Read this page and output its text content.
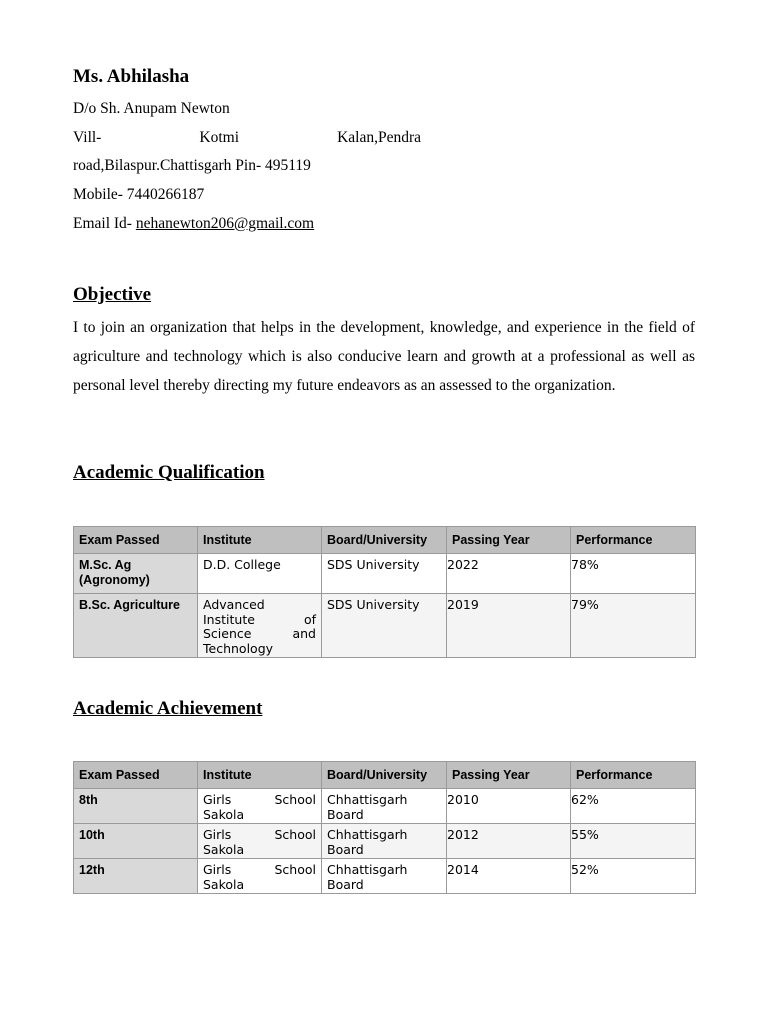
Ms. Abhilasha

D/o Sh. Anupam Newton

Vill-	Kotmi	Kalan,Pendra

road,Bilaspur.Chattisgarh Pin- 495119

Mobile- 7440266187

Email Id- nehanewton206@gmail.com

Objective

I to join an organization that helps in the development, knowledge, and experience in the field of agriculture and technology which is also conducive learn and growth at a professional as well as personal level thereby directing my future endeavors as an assessed to the organization.

Academic Qualification
Exam Passed	Institute	Board/University	Passing Year	Performance
M.Sc. Ag (Agronomy)	D.D. College	SDS University	2022	78%
B.Sc. Agriculture	Advanced Institute of Science and Technology	SDS University	2019	79%
Academic Achievement
Exam Passed	Institute	Board/University	Passing Year	Performance
8th	Girls School Sakola	Chhattisgarh Board	2010	62%
10th	Girls School Sakola	Chhattisgarh Board	2012	55%
12th	Girls School Sakola	Chhattisgarh Board	2014	52%
